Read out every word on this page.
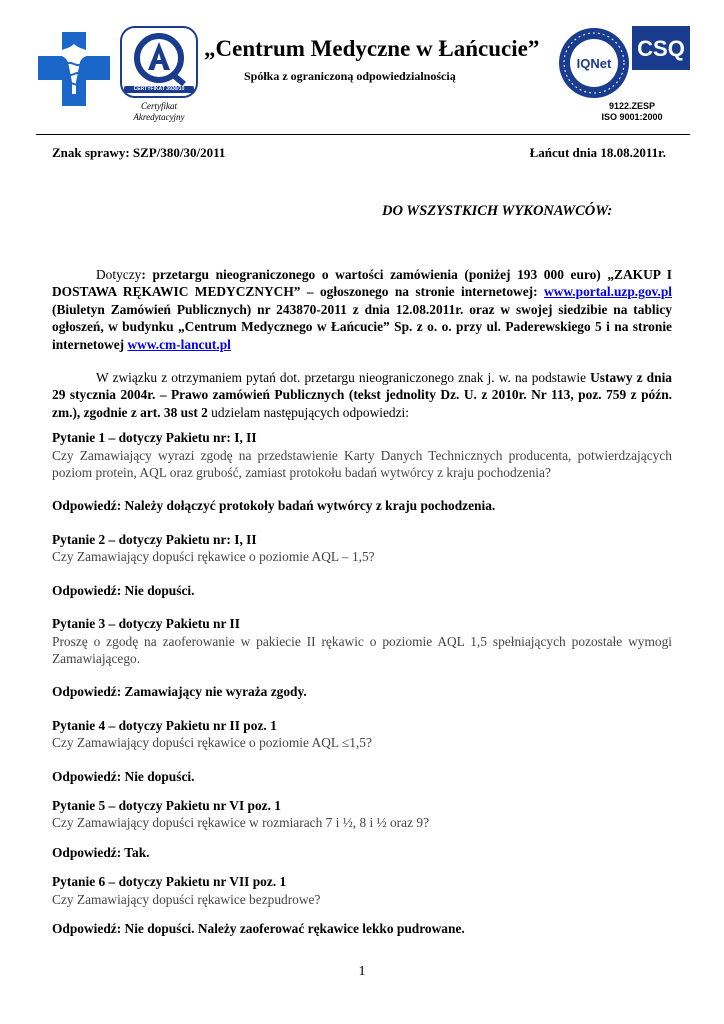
CERTYFIKAT 3930/10
Certyfikat
Akredytacyjny
„Centrum Medyczne w Łańcucie”
Spółka z ograniczoną odpowiedzialnością
IQNet
CSQ
9122.ZESP
ISO 9001:2000
Znak sprawy: SZP/380/30/2011	Łańcut dnia 18.08.2011r.
DO WSZYSTKICH WYKONAWCÓW:

Dotyczy: przetargu nieograniczonego o wartości zamówienia (poniżej 193 000 euro) „ZAKUP I DOSTAWA RĘKAWIC MEDYCZNYCH” – ogłoszonego na stronie internetowej: www.portal.uzp.gov.pl (Biuletyn Zamówień Publicznych) nr 243870-2011 z dnia 12.08.2011r. oraz w swojej siedzibie na tablicy ogłoszeń, w budynku „Centrum Medycznego w Łańcucie” Sp. z o. o. przy ul. Paderewskiego 5 i na stronie internetowej www.cm-lancut.pl

W związku z otrzymaniem pytań dot. przetargu nieograniczonego znak j. w. na podstawie Ustawy z dnia 29 stycznia 2004r. – Prawo zamówień Publicznych (tekst jednolity Dz. U. z 2010r. Nr 113, poz. 759 z późn. zm.), zgodnie z art. 38 ust 2 udzielam następujących odpowiedzi:

Pytanie 1 – dotyczy Pakietu nr: I, II

Czy Zamawiający wyrazi zgodę na przedstawienie Karty Danych Technicznych producenta, potwierdzających poziom protein, AQL oraz grubość, zamiast protokołu badań wytwórcy z kraju pochodzenia?

Odpowiedź: Należy dołączyć protokoły badań wytwórcy z kraju pochodzenia.

Pytanie 2 – dotyczy Pakietu nr: I, II

Czy Zamawiający dopuści rękawice o poziomie AQL – 1,5?

Odpowiedź: Nie dopuści.

Pytanie 3 – dotyczy Pakietu nr II

Proszę o zgodę na zaoferowanie w pakiecie II rękawic o poziomie AQL 1,5 spełniających pozostałe wymogi Zamawiającego.

Odpowiedź: Zamawiający nie wyraża zgody.

Pytanie 4 – dotyczy Pakietu nr II poz. 1

Czy Zamawiający dopuści rękawice o poziomie AQL ≤1,5?

Odpowiedź: Nie dopuści.

Pytanie 5 – dotyczy Pakietu nr VI poz. 1

Czy Zamawiający dopuści rękawice w rozmiarach 7 i ½, 8 i ½ oraz 9?

Odpowiedź: Tak.

Pytanie 6 – dotyczy Pakietu nr VII poz. 1

Czy Zamawiający dopuści rękawice bezpudrowe?

Odpowiedź: Nie dopuści. Należy zaoferować rękawice lekko pudrowane.

1
